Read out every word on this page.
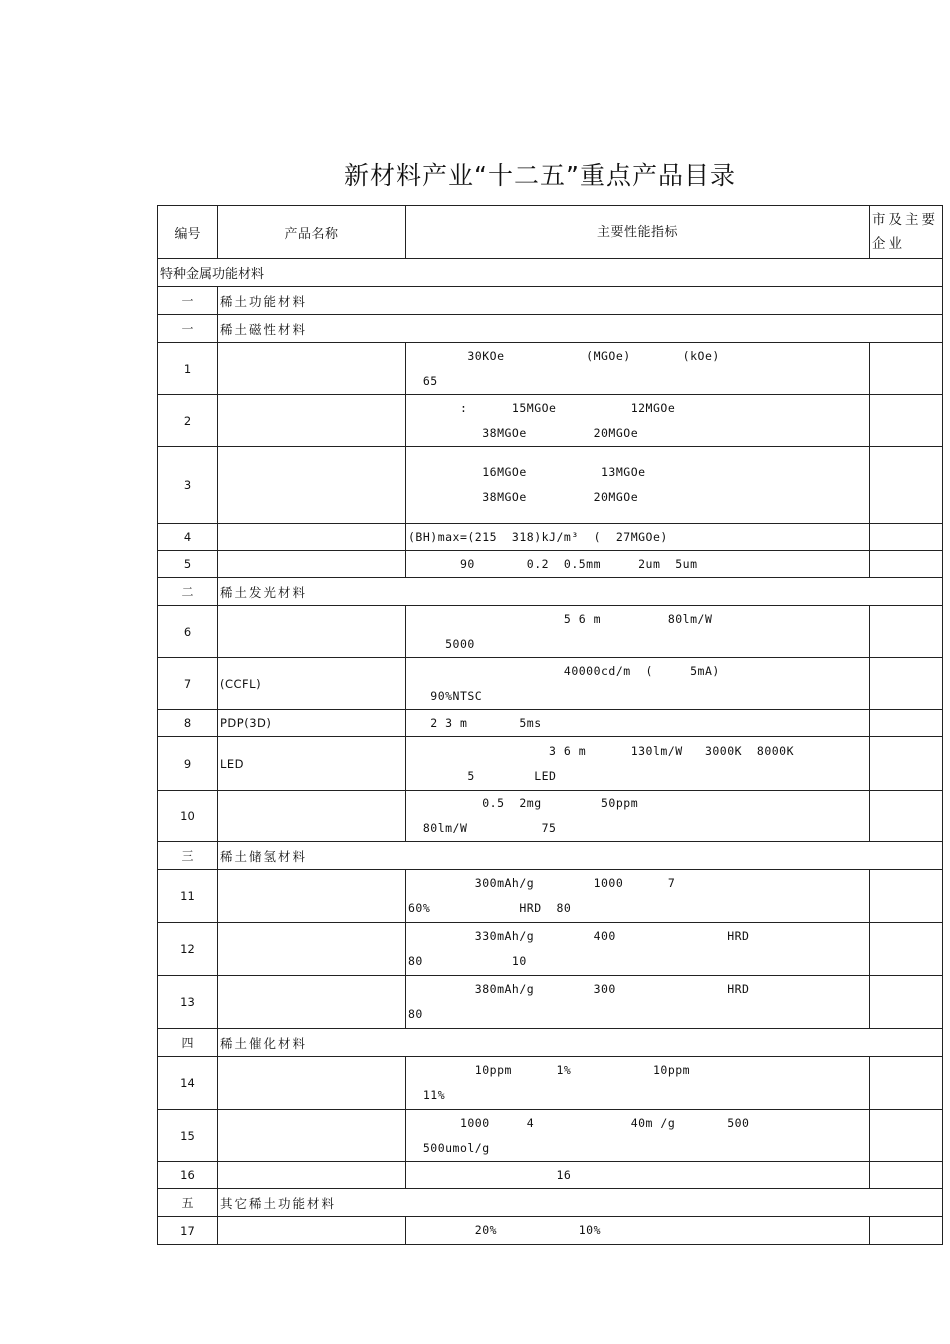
新材料产业“十二五”重点产品目录
编号	产品名称	主要性能指标	市及主要企业
特种金属功能材料			
一	稀土功能材料		
一	稀土磁性材料		
1		30KOe           (MGOe)       (kOe)
65	

2		:      15MGOe          12MGOe
38MGOe         20MGOe	

3		16MGOe          13MGOe
38MGOe         20MGOe	

4		(BH)max=(215  318)kJ/m³  (  27MGOe)	

5		90       0.2  0.5mm     2um  5um	

二	稀土发光材料		
6		5 6 m         80lm/W
5000	

7	(CCFL)	40000cd/m  (     5mA)
90%NTSC	

8	PDP(3D)	2 3 m       5ms	

9	LED	3 6 m      130lm/W   3000K  8000K
5        LED	

10		0.5  2mg        50ppm
80lm/W          75	

三	稀土储氢材料		
11		300mAh/g        1000      7
60%            HRD  80	

12		330mAh/g        400               HRD
80            10	

13		380mAh/g        300               HRD
80	

四	稀土催化材料		
14		10ppm      1%           10ppm
11%	

15		1000     4             40m /g       500
500umol/g	

16		16	

五	其它稀土功能材料		
17		20%           10%	
